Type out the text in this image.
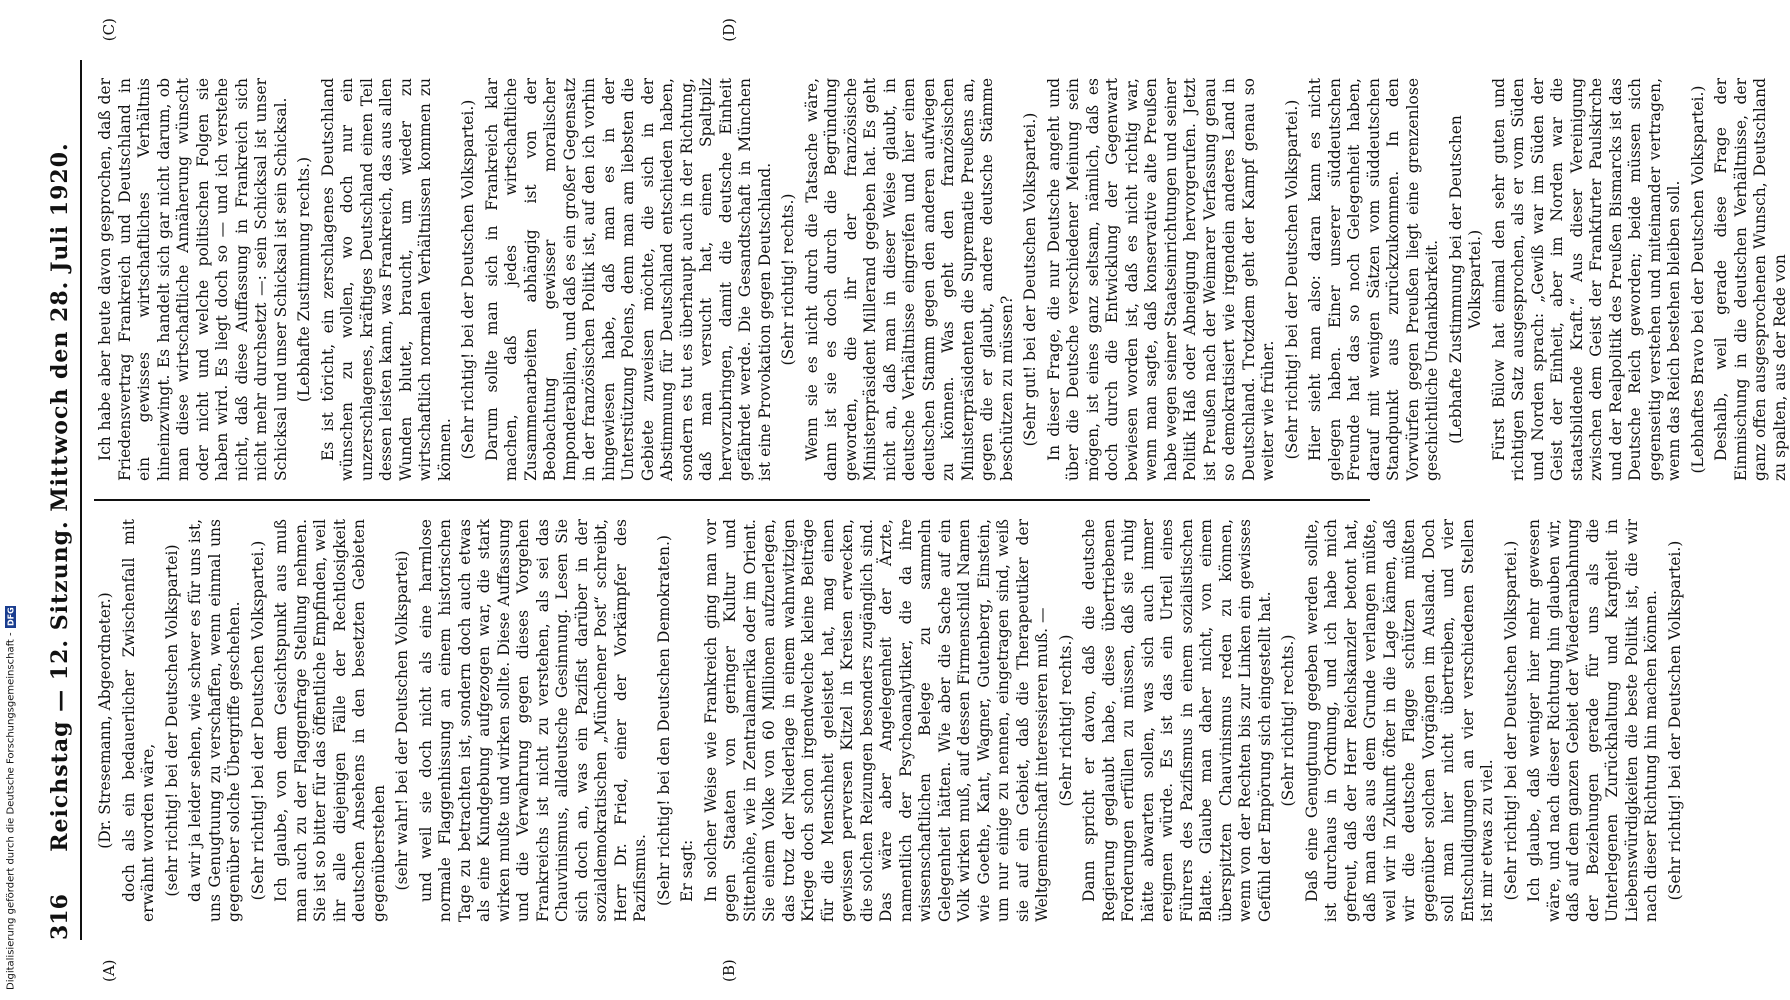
316
Reichstag — 12. Sitzung. Mittwoch den 28. Juli 1920.
(A)	(B)
(C)	(D)

(Dr. Stresemann, Abgeordneter.) doch als ein bedauerlicher Zwischenfall mit erwähnt worden wäre, (sehr richtig! bei der Deutschen Volkspartei) da wir ja leider sehen, wie schwer es für uns ist, uns Genugtuung zu verschaffen, wenn einmal uns gegenüber solche Übergriffe geschehen. (Sehr richtig! bei der Deutschen Volkspartei.) Ich glaube, von dem Gesichtspunkt aus muß man auch zu der Flaggenfrage Stellung nehmen. Sie ist so bitter für das öffentliche Empfinden, weil ihr alle diejenigen Fälle der Rechtlosigkeit deutschen Ansehens in den besetzten Gebieten gegenüberstehen (sehr wahr! bei der Deutschen Volkspartei) und weil sie doch nicht als eine harmlose normale Flaggenhissung an einem historischen Tage zu betrachten ist, sondern doch auch etwas als eine Kundgebung aufgezogen war, die stark wirken mußte und wirken sollte. Diese Auffassung und die Verwahrung gegen dieses Vorgehen Frankreichs ist nicht zu verstehen, als sei das Chauvinismus, alldeutsche Gesinnung. Lesen Sie sich doch an, was ein Pazifist darüber in der sozialdemokratischen „Münchener Post“ schreibt, Herr Dr. Fried, einer der Vorkämpfer des Pazifismus. (Sehr richtig! bei den Deutschen Demokraten.) Er sagt: In solcher Weise wie Frankreich ging man vor gegen Staaten von geringer Kultur und Sittenhöhe, wie in Zentralamerika oder im Orient. Sie einem Volke von 60 Millionen aufzuerlegen, das trotz der Niederlage in einem wahnwitzigen Kriege doch schon irgendwelche kleine Beiträge für die Menschheit geleistet hat, mag einen gewissen perversen Kitzel in Kreisen erwecken, die solchen Reizungen besonders zugänglich sind. Das wäre aber Angelegenheit der Ärzte, namentlich der Psychoanalytiker, die da ihre wissenschaftlichen Belege zu sammeln Gelegenheit hätten. Wie aber die Sache auf ein Volk wirken muß, auf dessen Firmenschild Namen wie Goethe, Kant, Wagner, Gutenberg, Einstein, um nur einige zu nennen, eingetragen sind, weiß sie auf ein Gebiet, daß die Therapeutiker der Weltgemeinschaft interessieren muß. — (Sehr richtig! rechts.) Dann spricht er davon, daß die deutsche Regierung geglaubt habe, diese übertriebenen Forderungen erfüllen zu müssen, daß sie ruhig hätte abwarten sollen, was sich auch immer ereignen würde. Es ist das ein Urteil eines Führers des Pazifismus in einem sozialistischen Blatte. Glaube man daher nicht, von einem überspitzten Chauvinismus reden zu können, wenn von der Rechten bis zur Linken ein gewisses Gefühl der Empörung sich eingestellt hat. (Sehr richtig! rechts.) Daß eine Genugtuung gegeben werden sollte, ist durchaus in Ordnung, und ich habe mich gefreut, daß der Herr Reichskanzler betont hat, daß man das aus dem Grunde verlangen müßte, weil wir in Zukunft öfter in die Lage kämen, daß wir die deutsche Flagge schützen müßten gegenüber solchen Vorgängen im Ausland. Doch soll man hier nicht übertreiben, und vier Entschuldigungen an vier verschiedenen Stellen ist mir etwas zu viel. (Sehr richtig! bei der Deutschen Volkspartei.) Ich glaube, daß weniger hier mehr gewesen wäre, und nach dieser Richtung hin glauben wir, daß auf dem ganzen Gebiet der Wiederanbahnung der Beziehungen gerade für uns als die Unterlegenen Zurückhaltung und Kargheit in Liebenswürdigkeiten die beste Politik ist, die wir nach dieser Richtung hin machen können. (Sehr richtig! bei der Deutschen Volkspartei.)

Ich habe aber heute davon gesprochen, daß der Friedensvertrag Frankreich und Deutschland in ein gewisses wirtschaftliches Verhältnis hineinzwingt. Es handelt sich gar nicht darum, ob man diese wirtschaftliche Annäherung wünscht oder nicht und welche politischen Folgen sie haben wird. Es liegt doch so — und ich verstehe nicht, daß diese Auffassung in Frankreich sich nicht mehr durchsetzt —: sein Schicksal ist unser Schicksal und unser Schicksal ist sein Schicksal. (Lebhafte Zustimmung rechts.) Es ist töricht, ein zerschlagenes Deutschland wünschen zu wollen, wo doch nur ein unzerschlagenes, kräftiges Deutschland einen Teil dessen leisten kann, was Frankreich, das aus allen Wunden blutet, braucht, um wieder zu wirtschaftlich normalen Verhältnissen kommen zu können. (Sehr richtig! bei der Deutschen Volkspartei.) Darum sollte man sich in Frankreich klar machen, daß jedes wirtschaftliche Zusammenarbeiten abhängig ist von der Beobachtung gewisser moralischer Imponderabilien, und daß es ein großer Gegensatz in der französischen Politik ist, auf den ich vorhin hingewiesen habe, daß man es in der Unterstützung Polens, denn man am liebsten die Gebiete zuweisen möchte, die sich in der Abstimmung für Deutschland entschieden haben, sondern es tut es überhaupt auch in der Richtung, daß man versucht hat, einen Spaltpilz hervorzubringen, damit die deutsche Einheit gefährdet werde. Die Gesandtschaft in München ist eine Provokation gegen Deutschland. (Sehr richtig! rechts.) Wenn sie es nicht durch die Tatsache wäre, dann ist sie es doch durch die Begründung geworden, die ihr der französische Ministerpräsident Millerand gegeben hat. Es geht nicht an, daß man in dieser Weise glaubt, in deutsche Verhältnisse eingreifen und hier einen deutschen Stamm gegen den anderen aufwiegen zu können. Was geht den französischen Ministerpräsidenten die Suprematie Preußens an, gegen die er glaubt, andere deutsche Stämme beschützen zu müssen? (Sehr gut! bei der Deutschen Volkspartei.) In dieser Frage, die nur Deutsche angeht und über die Deutsche verschiedener Meinung sein mögen, ist eines ganz seltsam, nämlich, daß es doch durch die Entwicklung der Gegenwart bewiesen worden ist, daß es nicht richtig war, wenn man sagte, daß konservative alte Preußen habe wegen seiner Staatseinrichtungen und seiner Politik Haß oder Abneigung hervorgerufen. Jetzt ist Preußen nach der Weimarer Verfassung genau so demokratisiert wie irgendein anderes Land in Deutschland. Trotzdem geht der Kampf genau so weiter wie früher. (Sehr richtig! bei der Deutschen Volkspartei.) Hier sieht man also: daran kann es nicht gelegen haben. Einer unserer süddeutschen Freunde hat das so noch Gelegenheit haben, darauf mit wenigen Sätzen vom süddeutschen Standpunkt aus zurückzukommen. In den Vorwürfen gegen Preußen liegt eine grenzenlose geschichtliche Undankbarkeit. (Lebhafte Zustimmung bei der Deutschen Volkspartei.) Fürst Bülow hat einmal den sehr guten und richtigen Satz ausgesprochen, als er vom Süden und Norden sprach: „Gewiß war im Süden der Geist der Einheit, aber im Norden war die staatsbildende Kraft.“ Aus dieser Vereinigung zwischen dem Geist der Frankfurter Paulskirche und der Realpolitik des Preußen Bismarcks ist das Deutsche Reich geworden; beide müssen sich gegenseitig verstehen und miteinander vertragen, wenn das Reich bestehen bleiben soll. (Lebhaftes Bravo bei der Deutschen Volkspartei.) Deshalb, weil gerade diese Frage der Einmischung in die deutschen Verhältnisse, der ganz offen ausgesprochenen Wunsch, Deutschland zu spalten, aus der Rede von

Digitalisierung gefördert durch die Deutsche Forschungsgemeinschaft -
DFG
